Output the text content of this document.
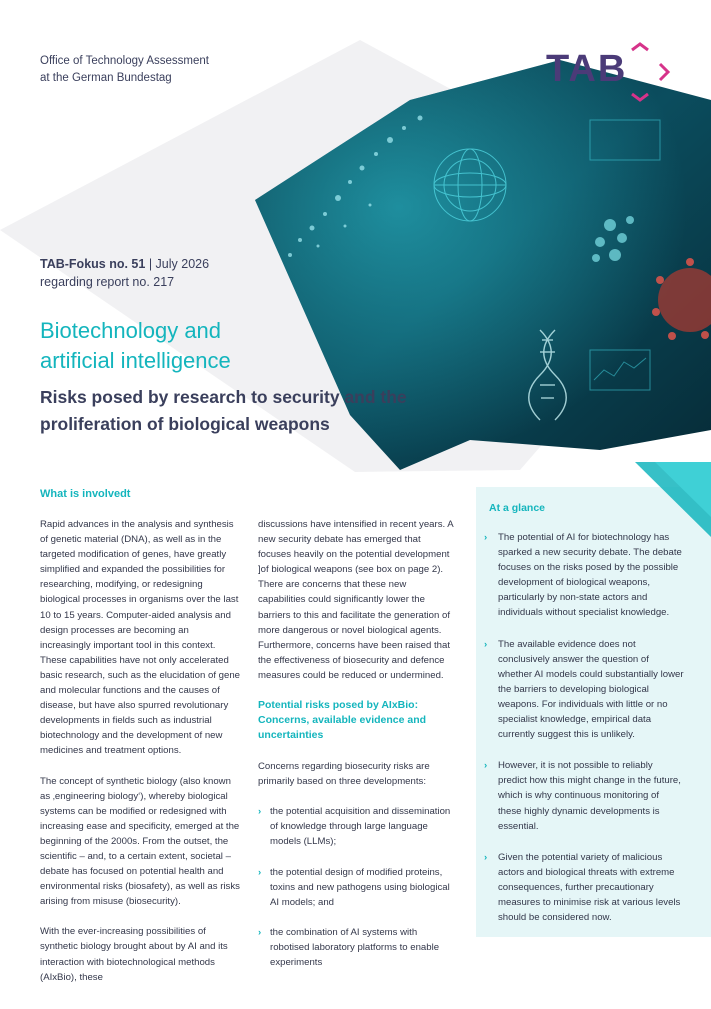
Office of Technology Assessment
at the German Bundestag	TAB
TAB-Fokus no. 51 | July 2026
regarding report no. 217
Biotechnology and
artificial intelligence
Risks posed by research to security and the
proliferation of biological weapons
What is involvedt

Rapid advances in the analysis and synthesis of genetic material (DNA), as well as in the targeted modification of genes, have greatly simplified and expanded the possibilities for researching, modifying, or redesigning biological processes in organisms over the last 10 to 15 years. Computer-aided analysis and design processes are becoming an increasingly important tool in this context. These capabilities have not only accelerated basic research, such as the elucidation of gene and molecular functions and the causes of disease, but have also spurred revolutionary developments in fields such as industrial biotechnology and the development of new medicines and treatment options.

The concept of synthetic biology (also known as ‚engineering biology‘), whereby biological systems can be modified or redesigned with increasing ease and specificity, emerged at the beginning of the 2000s. From the outset, the scientific – and, to a certain extent, societal – debate has focused on potential health and environmental risks (biosafety), as well as risks arising from misuse (biosecurity).

With the ever-increasing possibilities of synthetic biology brought about by AI and its interaction with biotechnological methods (AIxBio), these

discussions have intensified in recent years. A new security debate has emerged that focuses heavily on the potential development ]of biological weapons (see box on page 2). There are concerns that these new capabilities could significantly lower the barriers to this and facilitate the generation of more dangerous or novel biological agents. Furthermore, concerns have been raised that the effectiveness of biosecurity and defence measures could be reduced or undermined.

Potential risks posed by AIxBio: Concerns, available evidence and uncertainties

Concerns regarding biosecurity risks are primarily based on three developments:

› the potential acquisition and dissemination of knowledge through large language models (LLMs);
› the potential design of modified proteins, toxins and new pathogens using biological AI models; and
› the combination of AI systems with robotised laboratory platforms to enable experiments
At a glance
› The potential of AI for biotechnology has sparked a new security debate. The debate focuses on the risks posed by the possible development of biological weapons, particularly by non-state actors and individuals without specialist knowledge.
› The available evidence does not conclusively answer the question of whether AI models could substantially lower the barriers to developing biological weapons. For individuals with little or no specialist knowledge, empirical data currently suggest this is unlikely.
› However, it is not possible to reliably predict how this might change in the future, which is why continuous monitoring of these highly dynamic developments is essential.
› Given the potential variety of malicious actors and biological threats with extreme consequences, further precautionary measures to minimise risk at various levels should be considered now.
